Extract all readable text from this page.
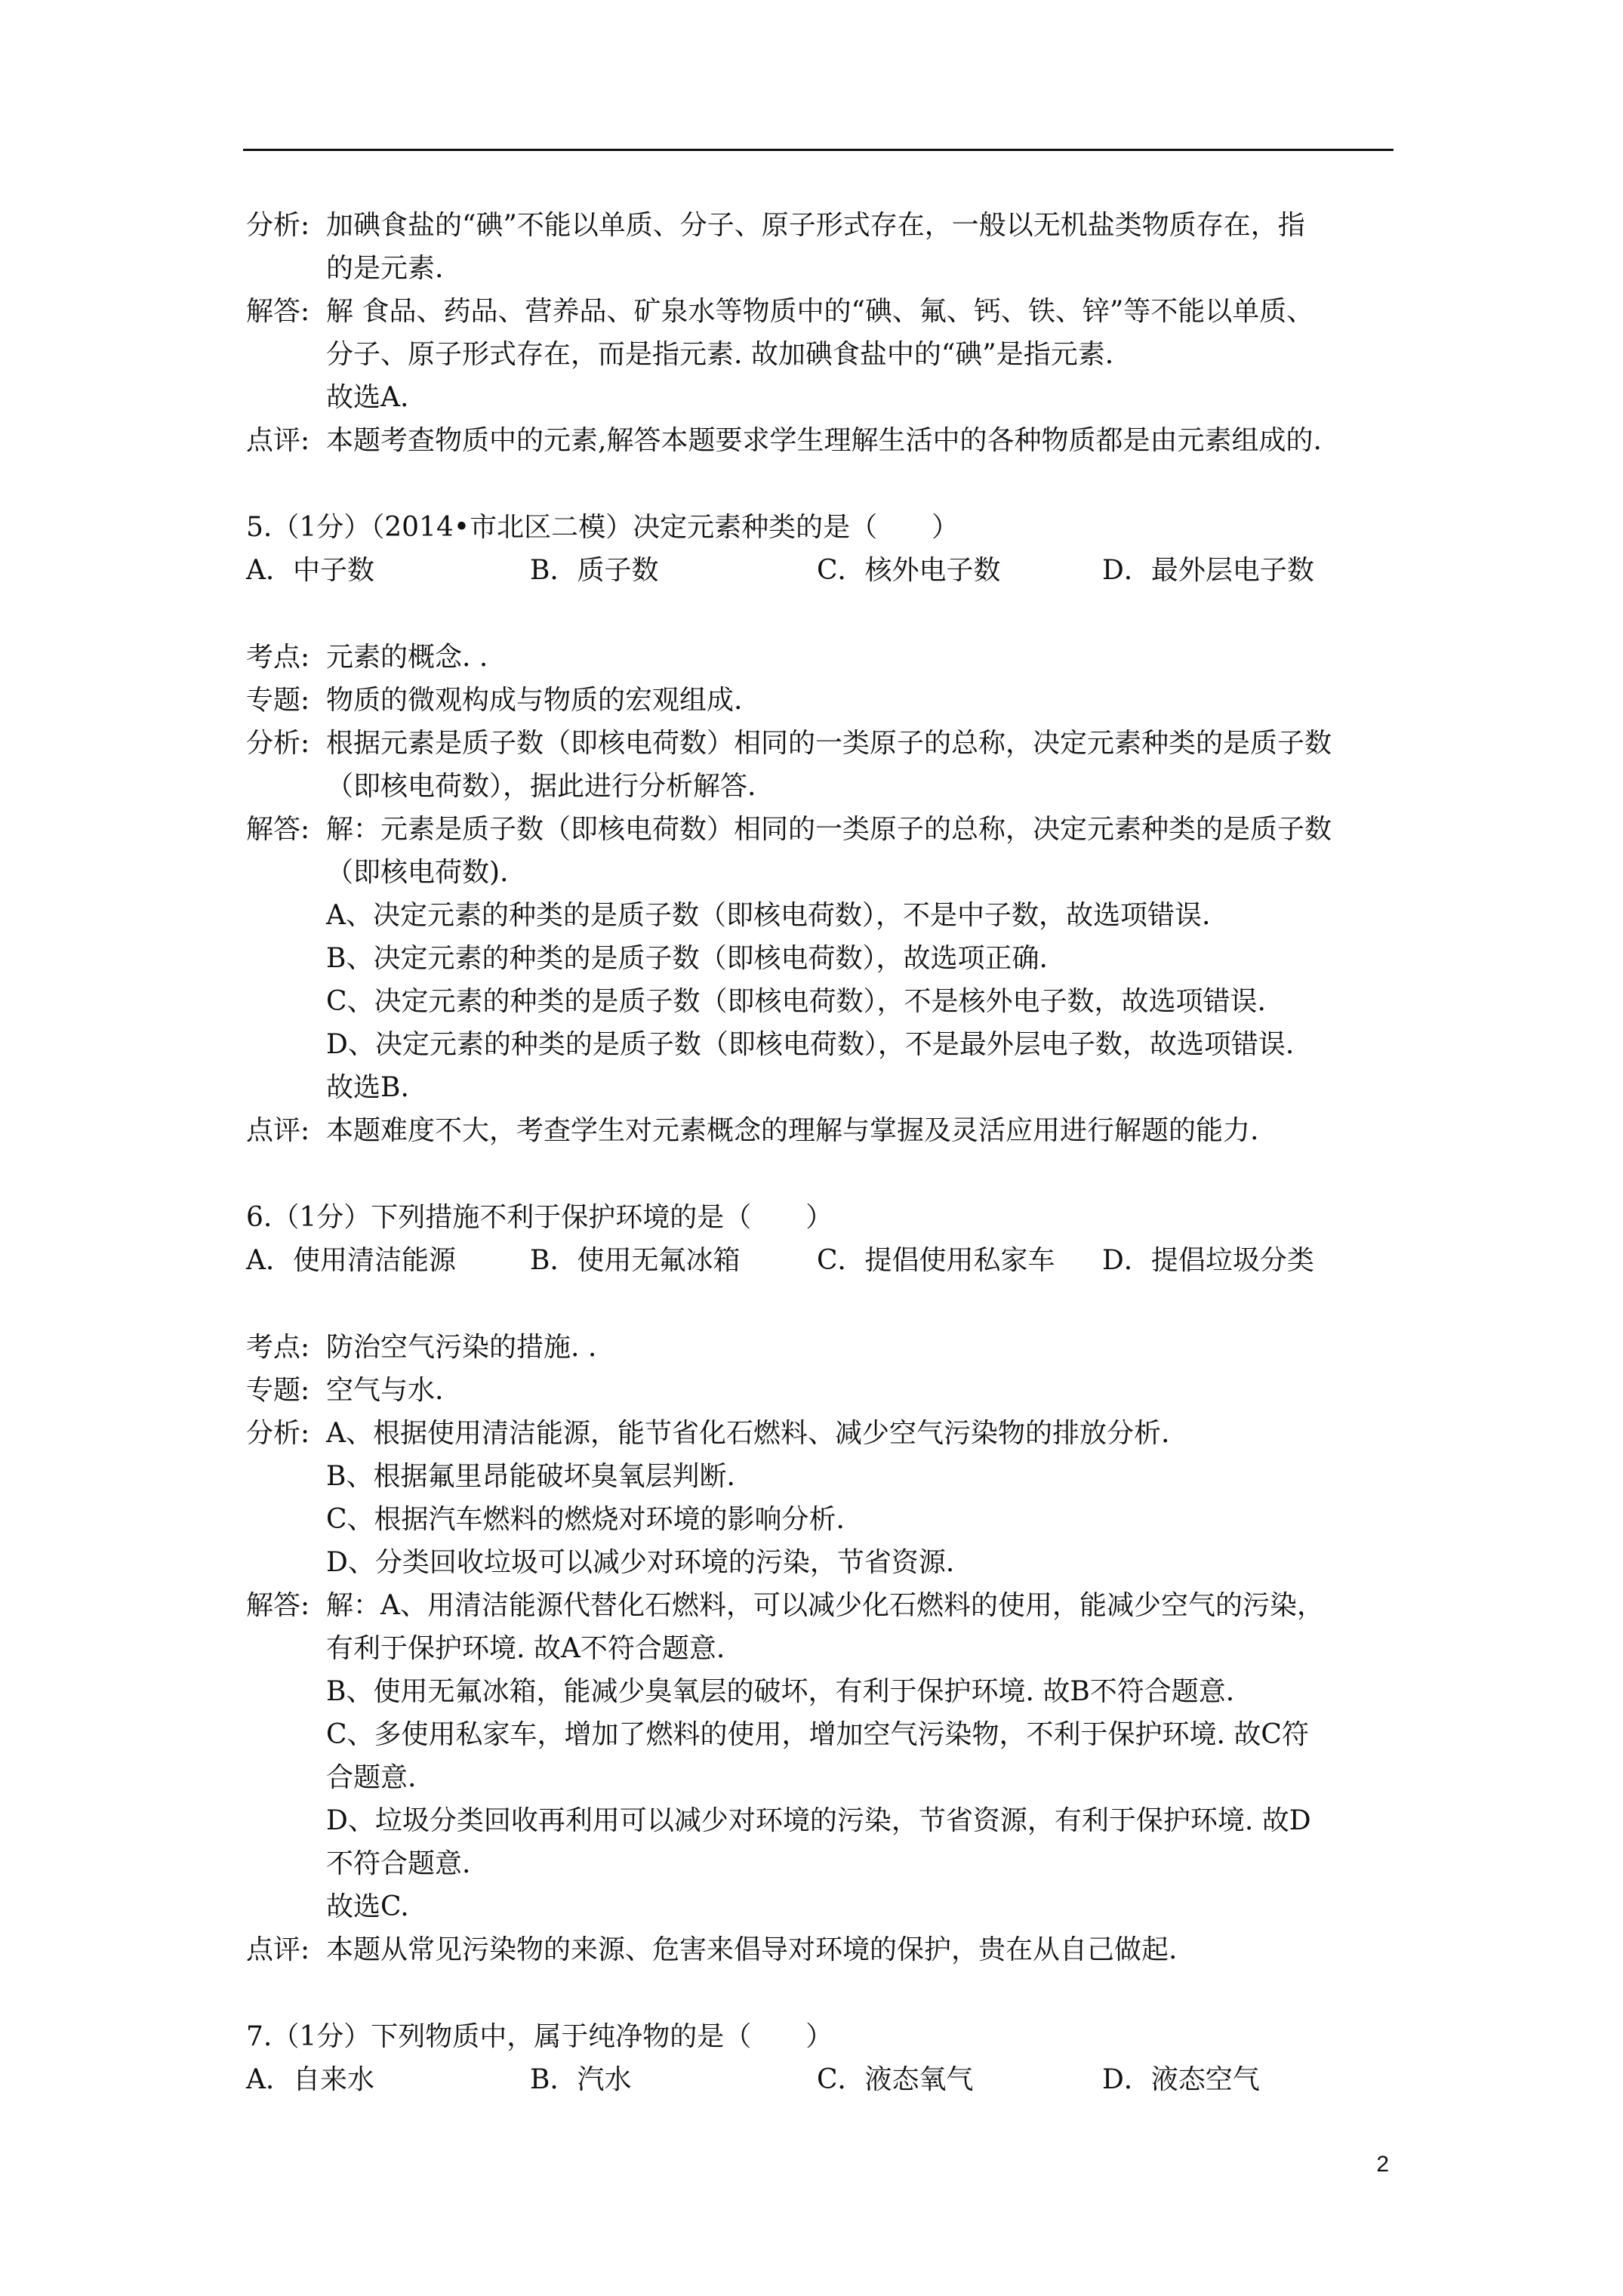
分析: 加碘食盐的“碘”不能以单质、分子、原子形式存在，一般以无机盐类物质存在，指
的是元素.
解答: 解 食品、药品、营养品、矿泉水等物质中的“碘、氟、钙、铁、锌”等不能以单质、
分子、原子形式存在，而是指元素. 故加碘食盐中的“碘”是指元素.
故选A.
点评: 本题考查物质中的元素,解答本题要求学生理解生活中的各种物质都是由元素组成的.
5.（1分）（2014•市北区二模）决定元素种类的是（　　）
A．中子数	B．质子数	C．核外电子数	D．最外层电子数
考点: 元素的概念. .
专题: 物质的微观构成与物质的宏观组成.
分析: 根据元素是质子数（即核电荷数）相同的一类原子的总称，决定元素种类的是质子数
（即核电荷数），据此进行分析解答.
解答: 解：元素是质子数（即核电荷数）相同的一类原子的总称，决定元素种类的是质子数
（即核电荷数).
A、决定元素的种类的是质子数（即核电荷数），不是中子数，故选项错误.
B、决定元素的种类的是质子数（即核电荷数），故选项正确.
C、决定元素的种类的是质子数（即核电荷数），不是核外电子数，故选项错误.
D、决定元素的种类的是质子数（即核电荷数），不是最外层电子数，故选项错误.
故选B.
点评: 本题难度不大，考查学生对元素概念的理解与掌握及灵活应用进行解题的能力.
6.（1分）下列措施不利于保护环境的是（　　）
A．使用清洁能源	B．使用无氟冰箱	C．提倡使用私家车 D．提倡垃圾分类
考点: 防治空气污染的措施. .
专题: 空气与水.
分析: A、根据使用清洁能源，能节省化石燃料、减少空气污染物的排放分析.
B、根据氟里昂能破坏臭氧层判断.
C、根据汽车燃料的燃烧对环境的影响分析.
D、分类回收垃圾可以减少对环境的污染，节省资源.
解答: 解：A、用清洁能源代替化石燃料，可以减少化石燃料的使用，能减少空气的污染，
有利于保护环境. 故A不符合题意.
B、使用无氟冰箱，能减少臭氧层的破坏，有利于保护环境. 故B不符合题意.
C、多使用私家车，增加了燃料的使用，增加空气污染物，不利于保护环境. 故C符
合题意.
D、垃圾分类回收再利用可以减少对环境的污染，节省资源，有利于保护环境. 故D
不符合题意.
故选C.
点评: 本题从常见污染物的来源、危害来倡导对环境的保护，贵在从自己做起.
7.（1分）下列物质中，属于纯净物的是（　　）
A．自来水	B．汽水	C．液态氧气	D．液态空气
2
